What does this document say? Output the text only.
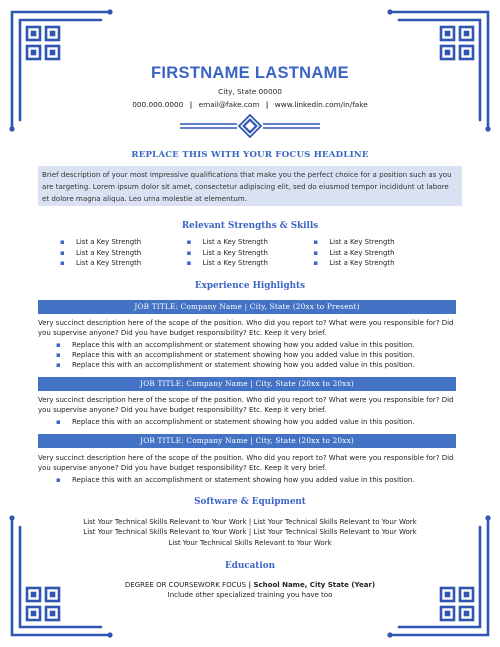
FIRSTNAME LASTNAME
City, State 00000
000.000.0000 | email@fake.com | www.linkedin.com/in/fake
REPLACE THIS WITH YOUR FOCUS HEADLINE
Brief description of your most impressive qualifications that make you the perfect choice for a position such as you are targeting. Lorem ipsum dolor sit amet, consectetur adipiscing elit, sed do eiusmod tempor incididunt ut labore et dolore magna aliqua. Leo urna molestie at elementum.
Relevant Strengths & Skills
▪ List a Key Strength
▪ List a Key Strength
▪ List a Key Strength
▪ List a Key Strength
▪ List a Key Strength
▪ List a Key Strength
▪ List a Key Strength
▪ List a Key Strength
▪ List a Key Strength
Experience Highlights
JOB TITLE: Company Name | City, State (20xx to Present)
Very succinct description here of the scope of the position. Who did you report to? What were you responsible for? Did you supervise anyone? Did you have budget responsibility? Etc. Keep it very brief.
▪ Replace this with an accomplishment or statement showing how you added value in this position.
▪ Replace this with an accomplishment or statement showing how you added value in this position.
▪ Replace this with an accomplishment or statement showing how you added value in this position.
JOB TITLE: Company Name | City, State (20xx to 20xx)
Very succinct description here of the scope of the position. Who did you report to? What were you responsible for? Did you supervise anyone? Did you have budget responsibility? Etc. Keep it very brief.
▪ Replace this with an accomplishment or statement showing how you added value in this position.
JOB TITLE: Company Name | City, State (20xx to 20xx)
Very succinct description here of the scope of the position. Who did you report to? What were you responsible for? Did you supervise anyone? Did you have budget responsibility? Etc. Keep it very brief.
▪ Replace this with an accomplishment or statement showing how you added value in this position.
Software & Equipment
List Your Technical Skills Relevant to Your Work | List Your Technical Skills Relevant to Your Work
List Your Technical Skills Relevant to Your Work | List Your Technical Skills Relevant to Your Work
List Your Technical Skills Relevant to Your Work
Education
DEGREE OR COURSEWORK FOCUS | School Name, City State (Year)
Include other specialized training you have too
